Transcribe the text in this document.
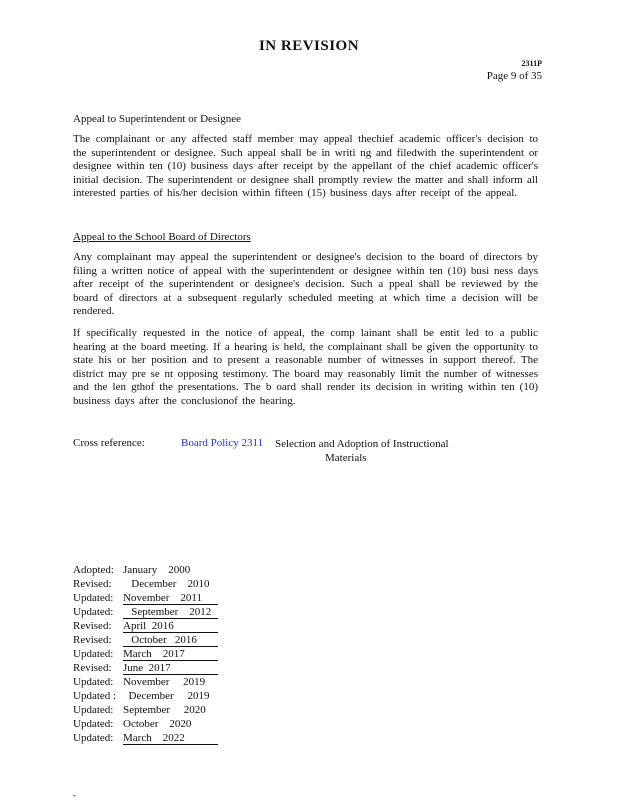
IN REVISION
2311P
Page 9 of 35
Appeal to Superintendent or Designee
The complainant or any affected staff member may appeal thechief academic officer's decision to the superintendent or designee. Such appeal shall be in writi ng and filedwith the superintendent or designee within ten (10) business days after receipt by the appellant of the chief academic officer's initial decision. The superintendent or designee shall promptly review the matter and shall inform all interested parties of his/her decision within fifteen (15) business days after receipt of the appeal.
Appeal to the School Board of Directors
Any complainant may appeal the superintendent or designee's decision to the board of directors by filing a written notice of appeal with the superintendent or designee within ten (10) busi ness days after receipt of the superintendent or designee's decision. Such a ppeal shall be reviewed by the board of directors at a subsequent regularly scheduled meeting at which time a decision will be rendered.
If specifically requested in the notice of appeal, the comp lainant shall be entit led to a public hearing at the board meeting. If a hearing is held, the complainant shall be given the opportunity to state his or her position and to present a reasonable number of witnesses in support thereof. The district may pre se nt opposing testimony. The board may reasonably limit the number of witnesses and the len gthof the presentations. The b oard shall render its decision in writing within ten (10) business days after the conclusionof the hearing.
Cross reference:	Board Policy 2311 Selection and Adoption of Instructional
Materials
Adopted: January    2000
Revised:   December    2010
Updated: November    2011
Updated:   September    2012
Revised: April  2016
Revised:   October   2016
Updated: March    2017
Revised: June  2017
Updated: November     2019
Updated :  December     2019
Updated: September     2020
Updated: October    2020
Updated: March    2022
-
